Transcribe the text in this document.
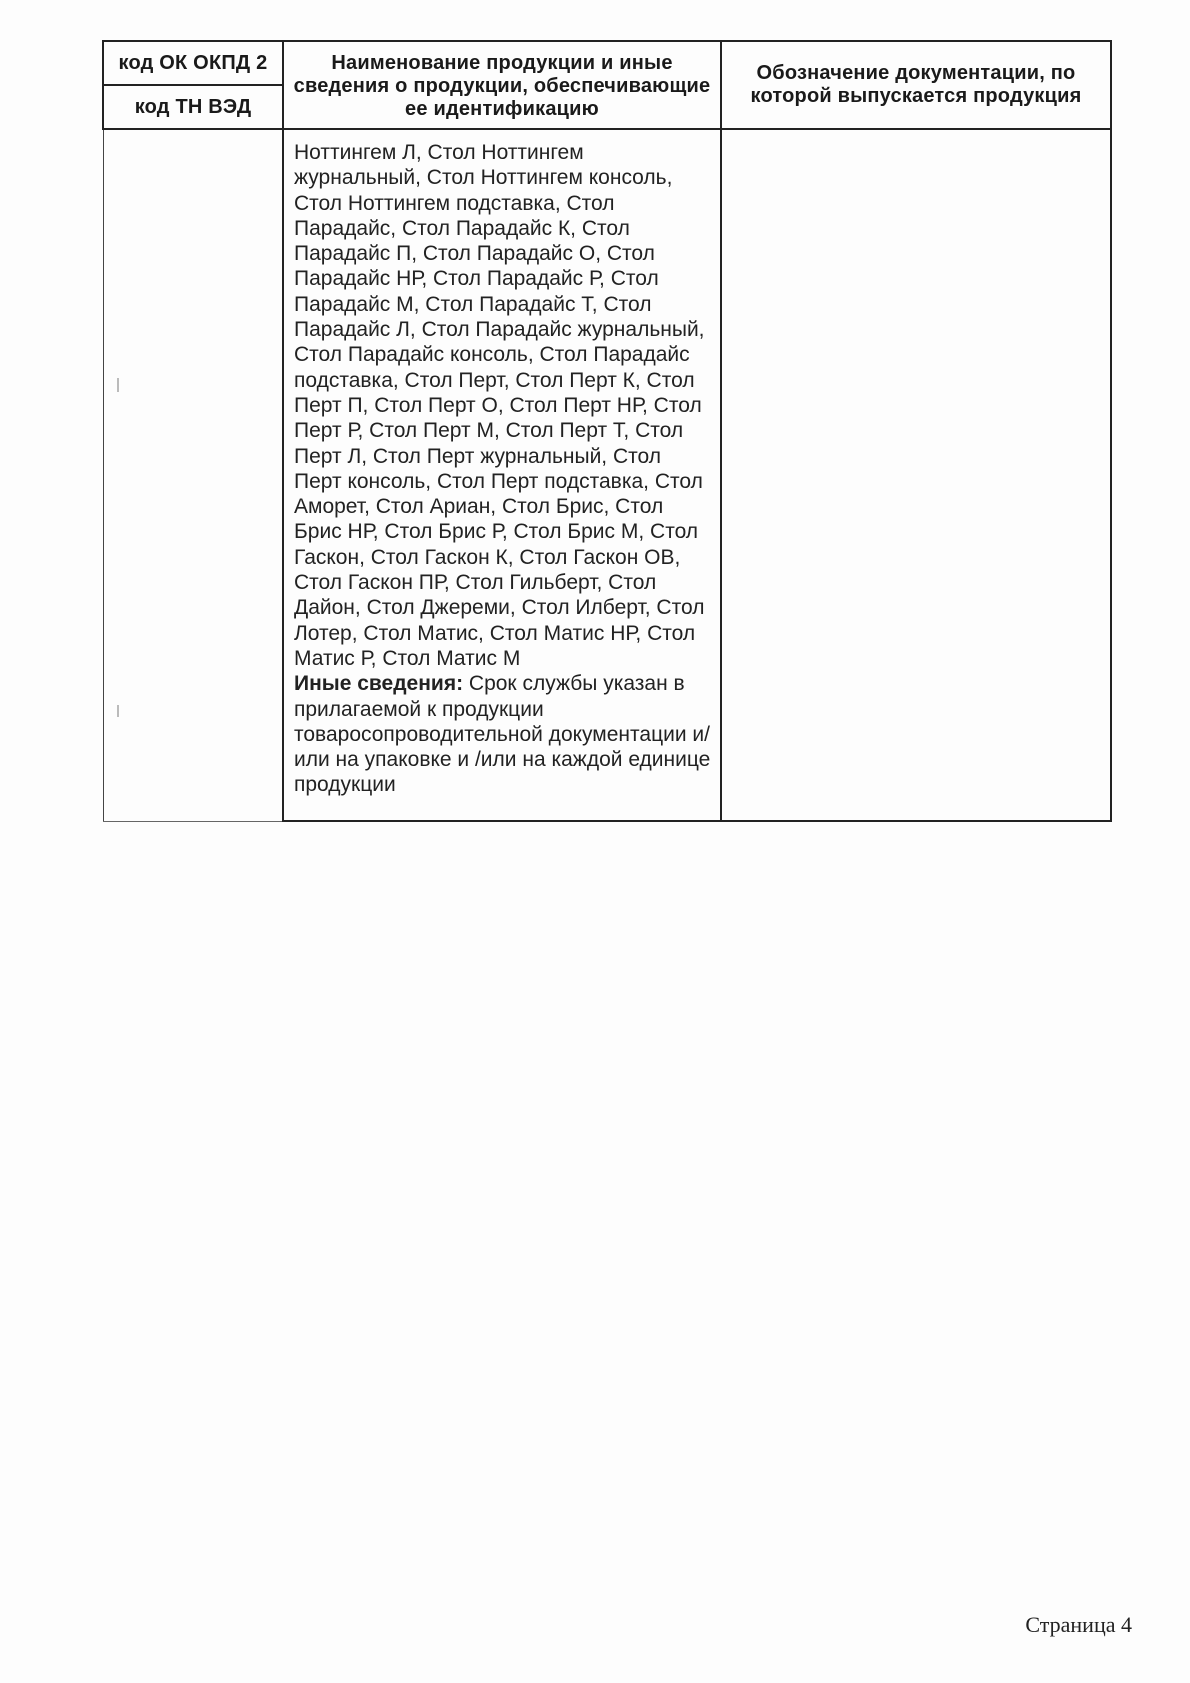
код ОК ОКПД 2	Наименование продукции и иные сведения о продукции, обеспечивающие ее идентификацию	Обозначение документации, по которой выпускается продукция
код ТН ВЭД		
	Ноттингем Л, Стол Ноттингем журнальный, Стол Ноттингем консоль, Стол Ноттингем подставка, Стол Парадайс, Стол Парадайс К, Стол Парадайс П, Стол Парадайс О, Стол Парадайс НР, Стол Парадайс Р, Стол Парадайс М, Стол Парадайс Т, Стол Парадайс Л, Стол Парадайс журнальный, Стол Парадайс консоль, Стол Парадайс подставка, Стол Перт, Стол Перт К, Стол Перт П, Стол Перт О, Стол Перт НР, Стол Перт Р, Стол Перт М, Стол Перт Т, Стол Перт Л, Стол Перт журнальный, Стол Перт консоль, Стол Перт подставка, Стол Аморет, Стол Ариан, Стол Брис, Стол Брис НР, Стол Брис Р, Стол Брис М, Стол Гаскон, Стол Гаскон К, Стол Гаскон ОВ, Стол Гаскон ПР, Стол Гильберт, Стол Дайон, Стол Джереми, Стол Илберт, Стол Лотер, Стол Матис, Стол Матис НР, Стол Матис Р, Стол Матис М
Иные сведения: Срок службы указан в прилагаемой к продукции товаросопроводительной документации и/или на упаковке и /или на каждой единице продукции	
Страница 4
